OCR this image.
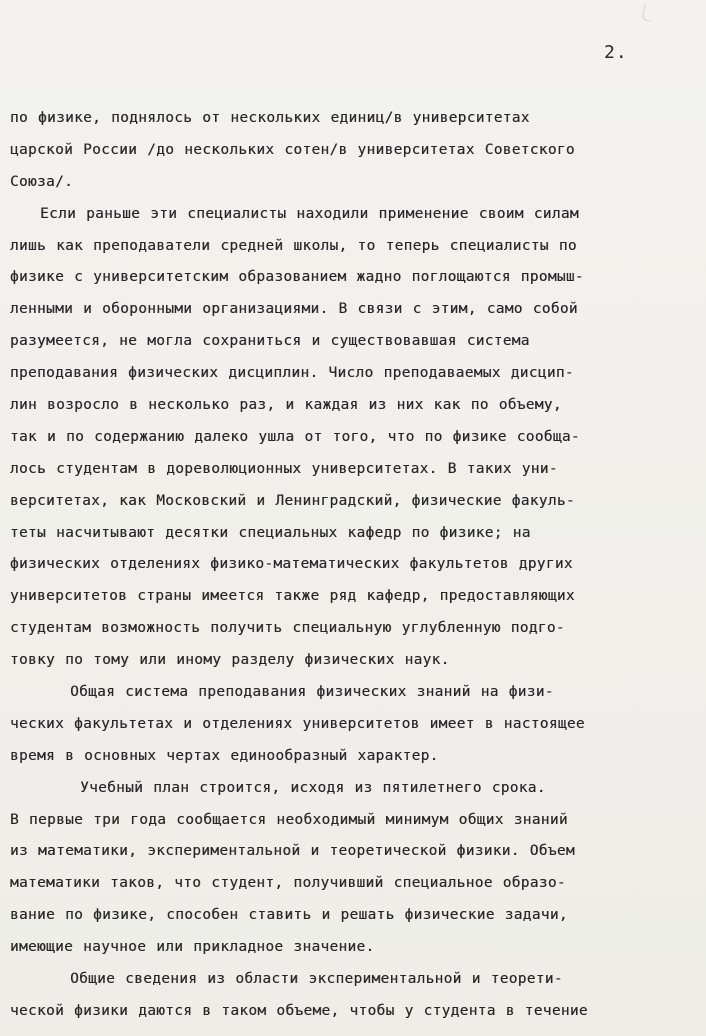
2.
по физике, поднялось от нескольких единиц/в университетах
царской России /до нескольких сотен/в университетах Советского
Союза/.
Если раньше эти специалисты находили применение своим силам
лишь как преподаватели средней школы, то теперь специалисты по
физике с университетским образованием жадно поглощаются промыш-
ленными и оборонными организациями. В связи с этим, само собой
разумеется, не могла сохраниться и существовавшая система
преподавания физических дисциплин. Число преподаваемых дисцип-
лин возросло в несколько раз, и каждая из них как по объему,
так и по содержанию далеко ушла от того, что по физике сообща-
лось студентам в дореволюционных университетах. В таких уни-
верситетах, как Московский и Ленинградский, физические факуль-
теты насчитывают десятки специальных кафедр по физике; на
физических отделениях физико-математических факультетов других
университетов страны имеется также ряд кафедр, предоставляющих
студентам возможность получить специальную углубленную подго-
товку по тому или иному разделу физических наук.
Общая система преподавания физических знаний на физи-
ческих факультетах и отделениях университетов имеет в настоящее
время в основных чертах единообразный характер.
Учебный план строится, исходя из пятилетнего срока.
В первые три года сообщается необходимый минимум общих знаний
из математики, экспериментальной и теоретической физики. Объем
математики таков, что студент, получивший специальное образо-
вание по физике, способен ставить и решать физические задачи,
имеющие научное или прикладное значение.
Общие сведения из области экспериментальной и теорети-
ческой физики даются в таком объеме, чтобы у студента в течение
